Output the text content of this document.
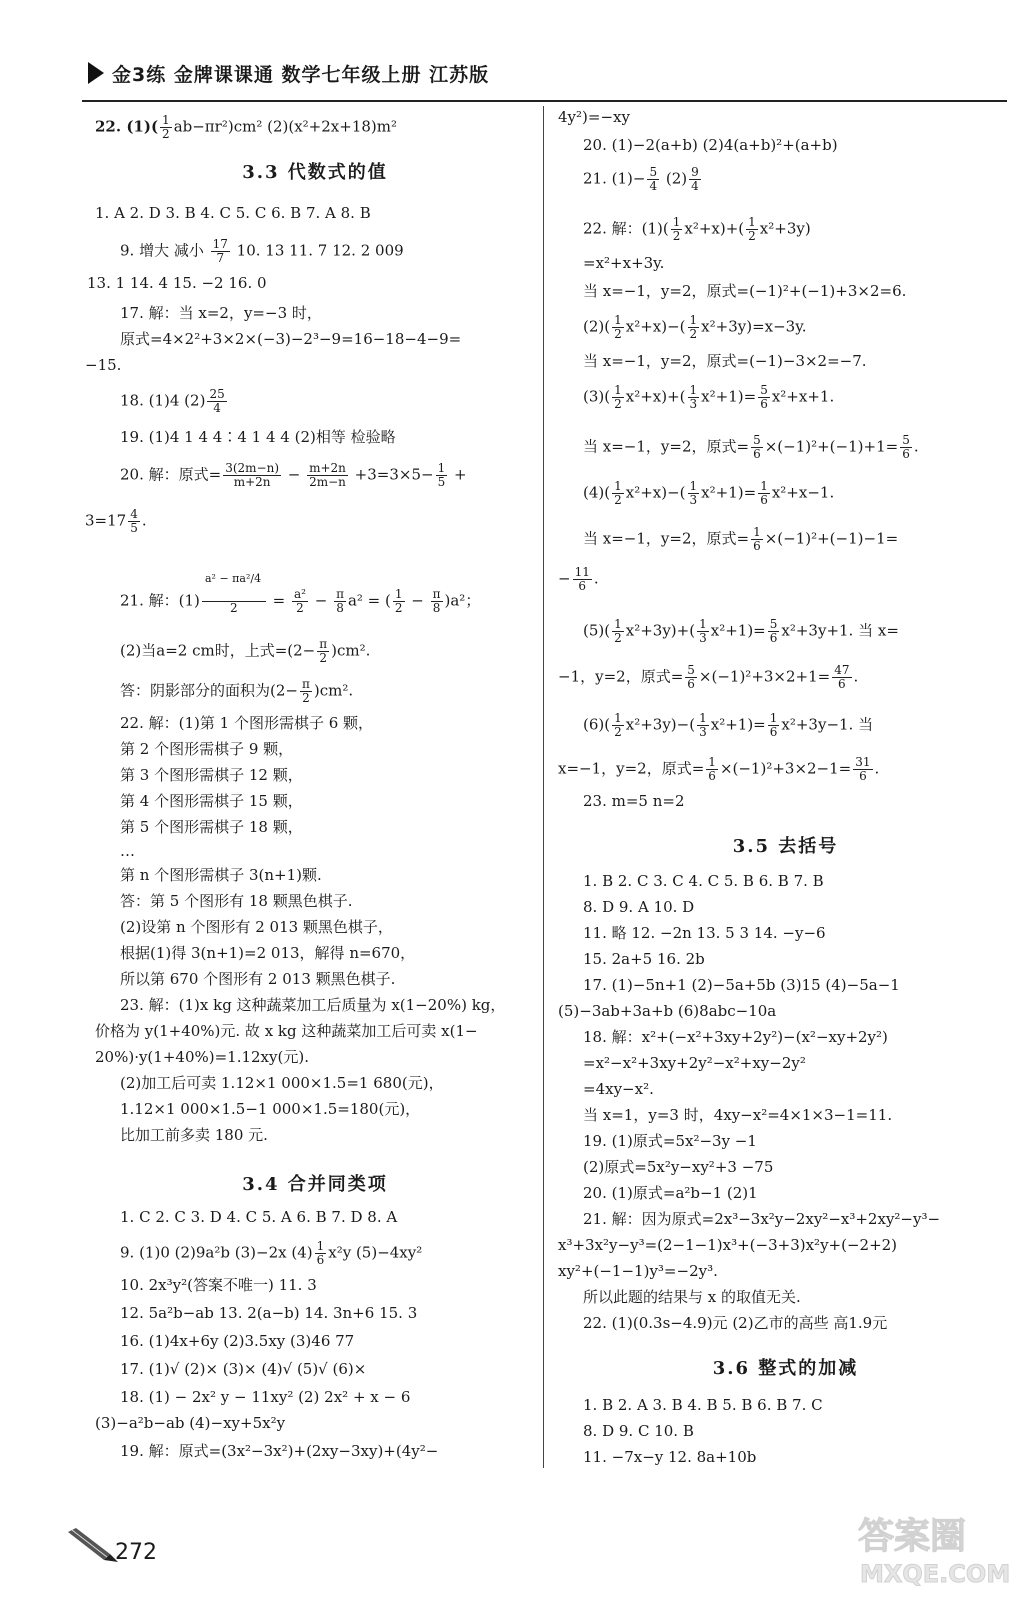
金3练 金牌课课通 数学七年级上册 江苏版
22. $(1)( \frac{1}{2} ab-\pi r^2)cm^2$ (2)(x²+2x+18)m²
3.3 代数式的值
1. A 2. D 3. B 4. C 5. C 6. B 7. A 8. B
9. 增大 减小 $\frac{17}{7} 10$. 13 11. 7 12. 2 009
13. 1 14. 4 15. −2 16. 0
17. 解：当 x=2，y=−3 时，
原式=4×2²+3×2×(−3)−2³−9=16−18−4−9=
−15.
18. (1)4 $(2) \frac{25}{4}$
19. (1)4 1 4 4∶4 1 4 4 (2)相等 检验略
20. 解：原式= $\frac{3(2m-n)}{m+2n} - \frac{m+2n}{2m-n} +3=3\times 5- \frac{1}{5}$ +
$3=17 \frac{4}{5}$ .
a² − πa²/4
21. 解：(1)
	2	= $\frac{\text{a²}}{2} - \frac{\pi}{8} a^2$ = ( $\frac{1}{2} - \frac{\pi}{8} )a^2$；
(2)当a=2 cm时，上式$=(2- \frac{\pi}{2} )cm^2$.
答：阴影部分的面积为$(2- \frac{\pi}{2} )cm^2$.
22. 解：(1)第 1 个图形需棋子 6 颗，
第 2 个图形需棋子 9 颗，
第 3 个图形需棋子 12 颗，
第 4 个图形需棋子 15 颗，
第 5 个图形需棋子 18 颗，
…
第 n 个图形需棋子 3(n+1)颗.
答：第 5 个图形有 18 颗黑色棋子.
(2)设第 n 个图形有 2 013 颗黑色棋子，
根据(1)得 3(n+1)=2 013，解得 n=670，
所以第 670 个图形有 2 013 颗黑色棋子.
23. 解：(1)x kg 这种蔬菜加工后质量为 x(1−20%) kg，
价格为 y(1+40%)元. 故 x kg 这种蔬菜加工后可卖 x(1−
20%)·y(1+40%)=1.12xy(元).
(2)加工后可卖 1.12×1 000×1.5=1 680(元)，
1.12×1 000×1.5−1 000×1.5=180(元)，
比加工前多卖 180 元.
3.4 合并同类项
1. C 2. C 3. D 4. C 5. A 6. B 7. D 8. A
9. (1)0 (2)9a²b (3)−2x $(4) \frac{1}{6} x^2y$ (5)−4xy²
10. 2x³y²(答案不唯一) 11. 3
12. 5a²b−ab 13. 2(a−b) 14. 3n+6 15. 3
16. (1)4x+6y (2)3.5xy (3)46 77
17. (1)√ (2)× (3)× (4)√ (5)√ (6)×
18. (1) − 2x² y − 11xy² (2) 2x² + x − 6
(3)−a²b−ab (4)−xy+5x²y
19. 解：原式=(3x²−3x²)+(2xy−3xy)+(4y²−
4y²)=−xy
20. (1)−2(a+b) (2)4(a+b)²+(a+b)
21. $(1)- \frac{5}{4} (2) \frac{9}{4}$
22. 解：$(1)( \frac{1}{2} x^2+x)+( \frac{1}{2} x^2+3y)$
=x²+x+3y.
当 x=−1，y=2，原式=(−1)²+(−1)+3×2=6.
$(2)( \frac{1}{2} x^2+x)-( \frac{1}{2} x^2+3y)=x-3y$.
当 x=−1，y=2，原式=(−1)−3×2=−7.
$(3)( \frac{1}{2} x^2+x)+( \frac{1}{3} x^2+1)= \frac{5}{6} x^2+x+1$.
当 x=−1，y=2，原式= $\frac{5}{6} \times(-1)^2+(-1)+1= \frac{5}{6}$ .
$(4)( \frac{1}{2} x^2+x)-( \frac{1}{3} x^2+1)= \frac{1}{6} x^2+x-1$.
当 x=−1，y=2，原式= $\frac{1}{6} \times(-1)^2+(-1)-1=$
− $\frac{11}{6}$ .
$(5)( \frac{1}{2} x^2+3y)+( \frac{1}{3} x^2+1)= \frac{5}{6} x^2+3y+1$. 当 x=
−1，y=2，原式= $\frac{5}{6} \times(-1)^2+3\times 2+1= \frac{47}{6}$ .
$(6)( \frac{1}{2} x^2+3y)-( \frac{1}{3} x^2+1)= \frac{1}{6} x^2+3y-1$. 当
x=−1，y=2，原式= $\frac{1}{6} \times(-1)^2+3\times 2-1= \frac{31}{6}$ .
23. m=5 n=2
3.5 去括号
1. B 2. C 3. C 4. C 5. B 6. B 7. B
8. D 9. A 10. D
11. 略 12. −2n 13. 5 3 14. −y−6
15. 2a+5 16. 2b
17. (1)−5n+1 (2)−5a+5b (3)15 (4)−5a−1
(5)−3ab+3a+b (6)8abc−10a
18. 解：x²+(−x²+3xy+2y²)−(x²−xy+2y²)
=x²−x²+3xy+2y²−x²+xy−2y²
=4xy−x².
当 x=1，y=3 时，4xy−x²=4×1×3−1=11.
19. (1)原式=5x²−3y −1
(2)原式=5x²y−xy²+3 −75
20. (1)原式=a²b−1 (2)1
21. 解：因为原式=2x³−3x²y−2xy²−x³+2xy²−y³−
x³+3x²y−y³=(2−1−1)x³+(−3+3)x²y+(−2+2)
xy²+(−1−1)y³=−2y³.
所以此题的结果与 x 的取值无关.
22. (1)(0.3s−4.9)元 (2)乙市的高些 高1.9元
3.6 整式的加减
1. B 2. A 3. B 4. B 5. B 6. B 7. C
8. D 9. C 10. B
11. −7x−y 12. 8a+10b
272	答案圈
MXQE.COM
